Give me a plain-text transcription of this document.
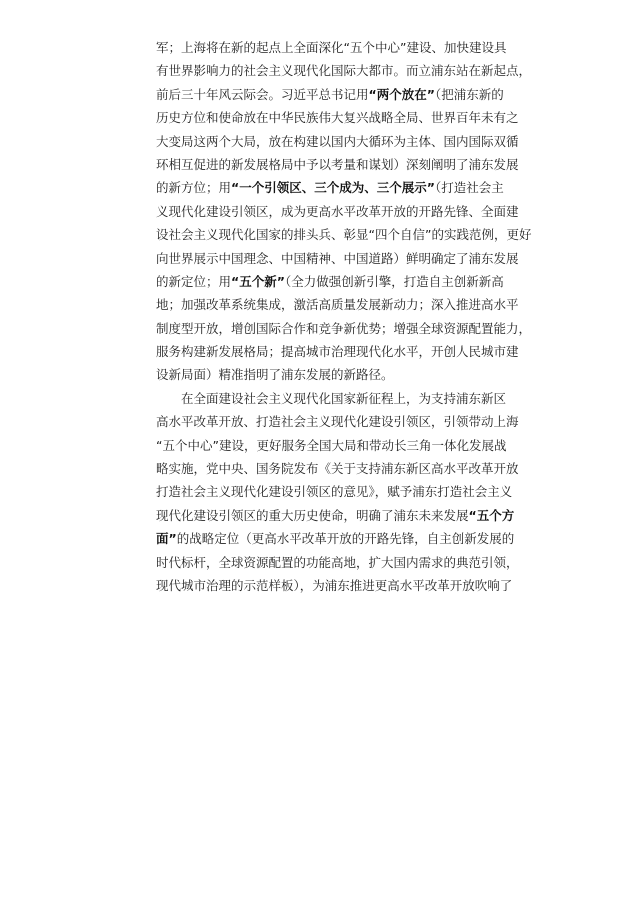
军；上海将在新的起点上全面深化“五个中心”建设、加快建设具
有世界影响力的社会主义现代化国际大都市。而立浦东站在新起点，
前后三十年风云际会。习近平总书记用“两个放在”（把浦东新的
历史方位和使命放在中华民族伟大复兴战略全局、世界百年未有之
大变局这两个大局，放在构建以国内大循环为主体、国内国际双循
环相互促进的新发展格局中予以考量和谋划）深刻阐明了浦东发展
的新方位；用“一个引领区、三个成为、三个展示”（打造社会主
义现代化建设引领区，成为更高水平改革开放的开路先锋、全面建
设社会主义现代化国家的排头兵、彰显“四个自信”的实践范例，更好
向世界展示中国理念、中国精神、中国道路）鲜明确定了浦东发展
的新定位；用“五个新”（全力做强创新引擎，打造自主创新新高
地；加强改革系统集成，激活高质量发展新动力；深入推进高水平
制度型开放，增创国际合作和竞争新优势；增强全球资源配置能力，
服务构建新发展格局；提高城市治理现代化水平，开创人民城市建
设新局面）精准指明了浦东发展的新路径。
在全面建设社会主义现代化国家新征程上，为支持浦东新区
高水平改革开放、打造社会主义现代化建设引领区，引领带动上海
“五个中心”建设，更好服务全国大局和带动长三角一体化发展战
略实施，党中央、国务院发布《关于支持浦东新区高水平改革开放
打造社会主义现代化建设引领区的意见》，赋予浦东打造社会主义
现代化建设引领区的重大历史使命，明确了浦东未来发展“五个方
面”的战略定位（更高水平改革开放的开路先锋，自主创新发展的
时代标杆，全球资源配置的功能高地，扩大国内需求的典范引领，
现代城市治理的示范样板），为浦东推进更高水平改革开放吹响了
